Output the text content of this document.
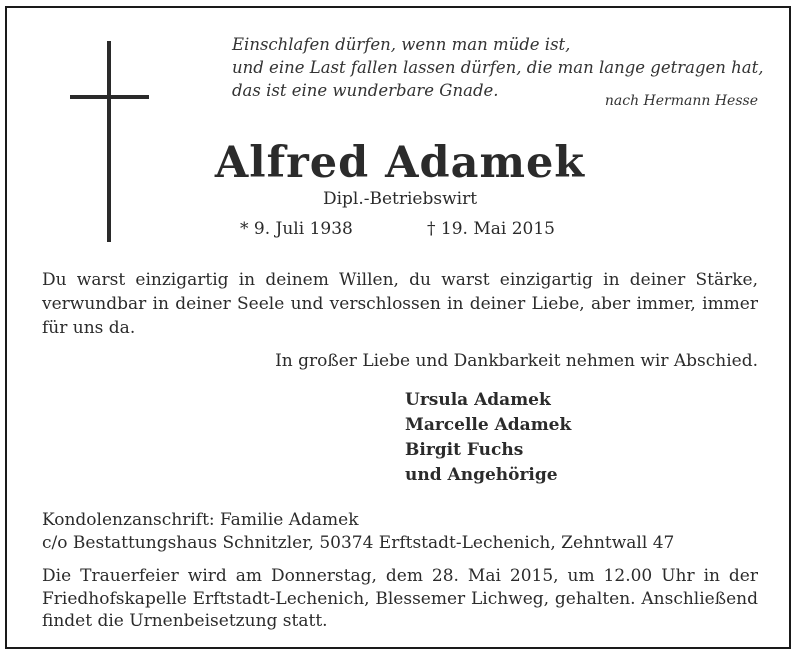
Einschlafen dürfen, wenn man müde ist,
und eine Last fallen lassen dürfen, die man lange getragen hat,
das ist eine wunderbare Gnade.
nach Hermann Hesse
Alfred Adamek
Dipl.-Betriebswirt
* 9. Juli 1938	† 19. Mai 2015
Du warst einzigartig in deinem Willen, du warst einzigartig in deiner Stärke, verwundbar in deiner Seele und verschlossen in deiner Liebe, aber immer, immer für uns da.
In großer Liebe und Dankbarkeit nehmen wir Abschied.
Ursula Adamek
Marcelle Adamek
Birgit Fuchs
und Angehörige
Kondolenzanschrift: Familie Adamek
c/o Bestattungshaus Schnitzler, 50374 Erftstadt-Lechenich, Zehntwall 47
Die Trauerfeier wird am Donnerstag, dem 28. Mai 2015, um 12.00 Uhr in der Friedhofskapelle Erftstadt-Lechenich, Blessemer Lichweg, gehalten. Anschließend findet die Urnenbeisetzung statt.
